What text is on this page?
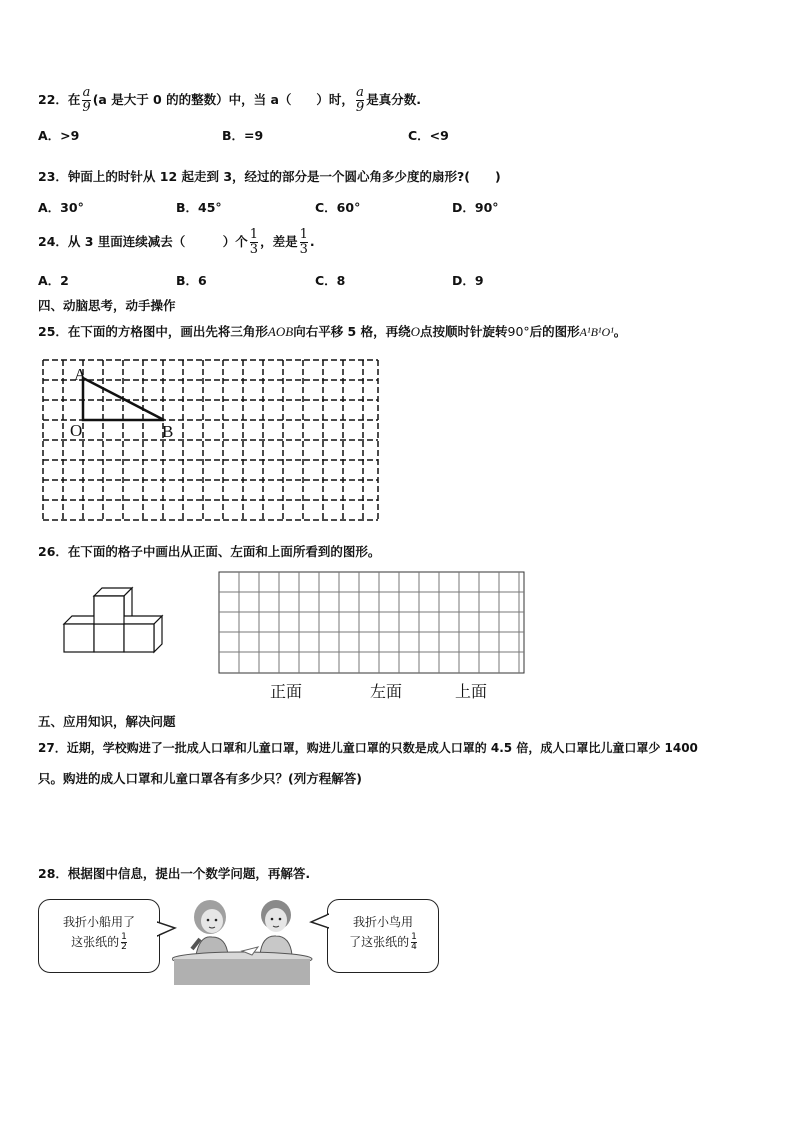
22．在 $\frac{a}{9} (a$ 是大于 0 的的整数）中，当 a（　　）时， $\frac{a}{9}$ 是真分数.
A．>9	B．=9	C．<9
23．钟面上的时针从 12 起走到 3，经过的部分是一个圆心角多少度的扇形?(　　)
A．30°	B．45°	C．60°	D．90°
24．从 3 里面连续减去（　　　）个 $\frac{1}{3}$ ，差是 $\frac{1}{3}$ .
A．2	B．6	C．8	D．9
四、动脑思考，动手操作
25．在下面的方格图中，画出先将三角形AOB向右平移 5 格，再绕O点按顺时针旋转90°后的图形A¹B¹O¹。
A
O	B
26．在下面的格子中画出从正面、左面和上面所看到的图形。
正面	左面	上面
五、应用知识，解决问题
27．近期，学校购进了一批成人口罩和儿童口罩，购进儿童口罩的只数是成人口罩的 4.5 倍，成人口罩比儿童口罩少 1400
只。购进的成人口罩和儿童口罩各有多少只？(列方程解答)
28．根据图中信息，提出一个数学问题，再解答.
我折小船用了
这张纸的 $\frac{1}{2}$
我折小鸟用
了这张纸的 $\frac{1}{4}$
